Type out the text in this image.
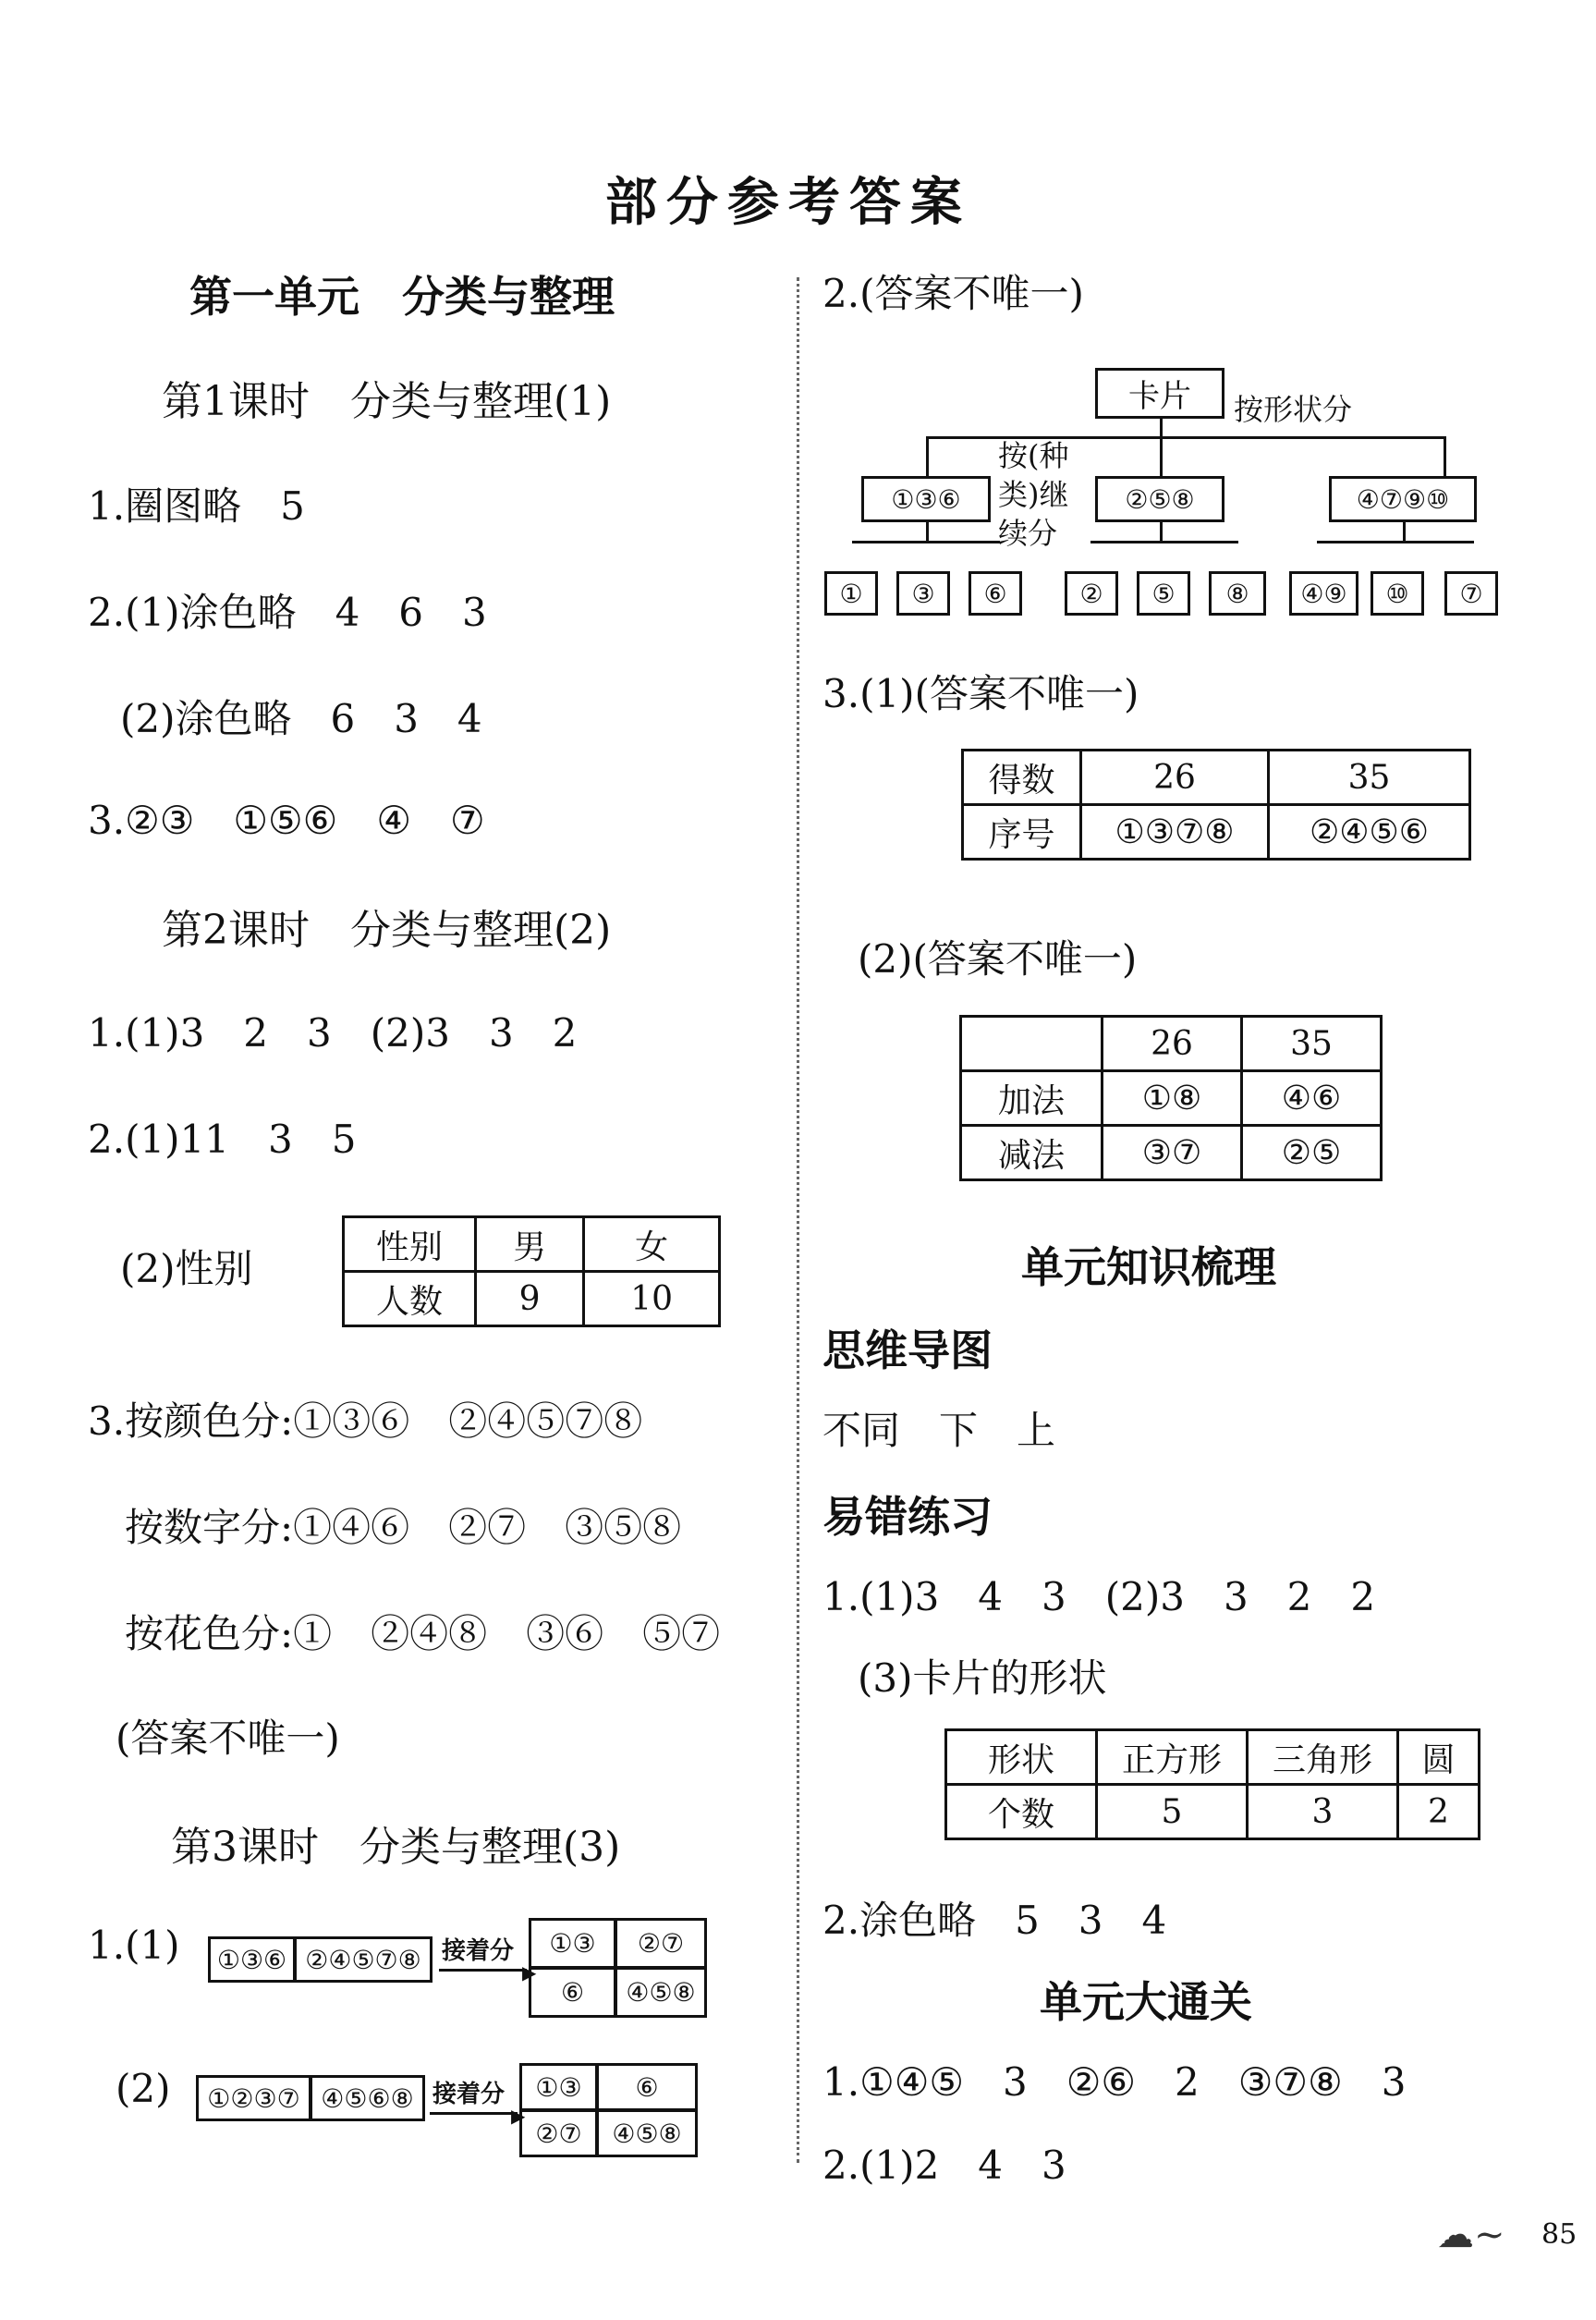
部分参考答案
第一单元　分类与整理
第1课时　分类与整理(1)
1.圈图略　5
2.(1)涂色略　4　6　3
(2)涂色略　6　3　4
3.②③　①⑤⑥　④　⑦
第2课时　分类与整理(2)
1.(1)3　2　3　(2)3　3　2
2.(1)11　3　5
(2)性别	性别	男	女
人数	9	10
3.按颜色分:①③⑥　②④⑤⑦⑧
按数字分:①④⑥　②⑦　③⑤⑧
按花色分:①　②④⑧　③⑥　⑤⑦
(答案不唯一)
第3课时　分类与整理(3)
1.(1)	①③⑥ ②④⑤⑦⑧ 接着分
▶
①③	②⑦
⑥	④⑤⑧
(2)	①②③⑦ ④⑤⑥⑧ 接着分
▶
①③	⑥
②⑦	④⑤⑧
2.(答案不唯一)
卡片	按形状分
按(种
类)继
续分
①③⑥	②⑤⑧	④⑦⑨⑩
①	③	⑥	②	⑤	⑧	④⑨	⑩	⑦
3.(1)(答案不唯一)
得数	26	35
序号	①③⑦⑧	②④⑤⑥
(2)(答案不唯一)
	26	35
加法	①⑧	④⑥
减法	③⑦	②⑤
单元知识梳理
思维导图
不同　下　上
易错练习
1.(1)3　4　3　(2)3　3　2　2
(3)卡片的形状
形状	正方形	三角形	圆
个数	5	3	2
2.涂色略　5　3　4
单元大通关
1.①④⑤　3　②⑥　2　③⑦⑧　3
2.(1)2　4　3
☁~ 85
